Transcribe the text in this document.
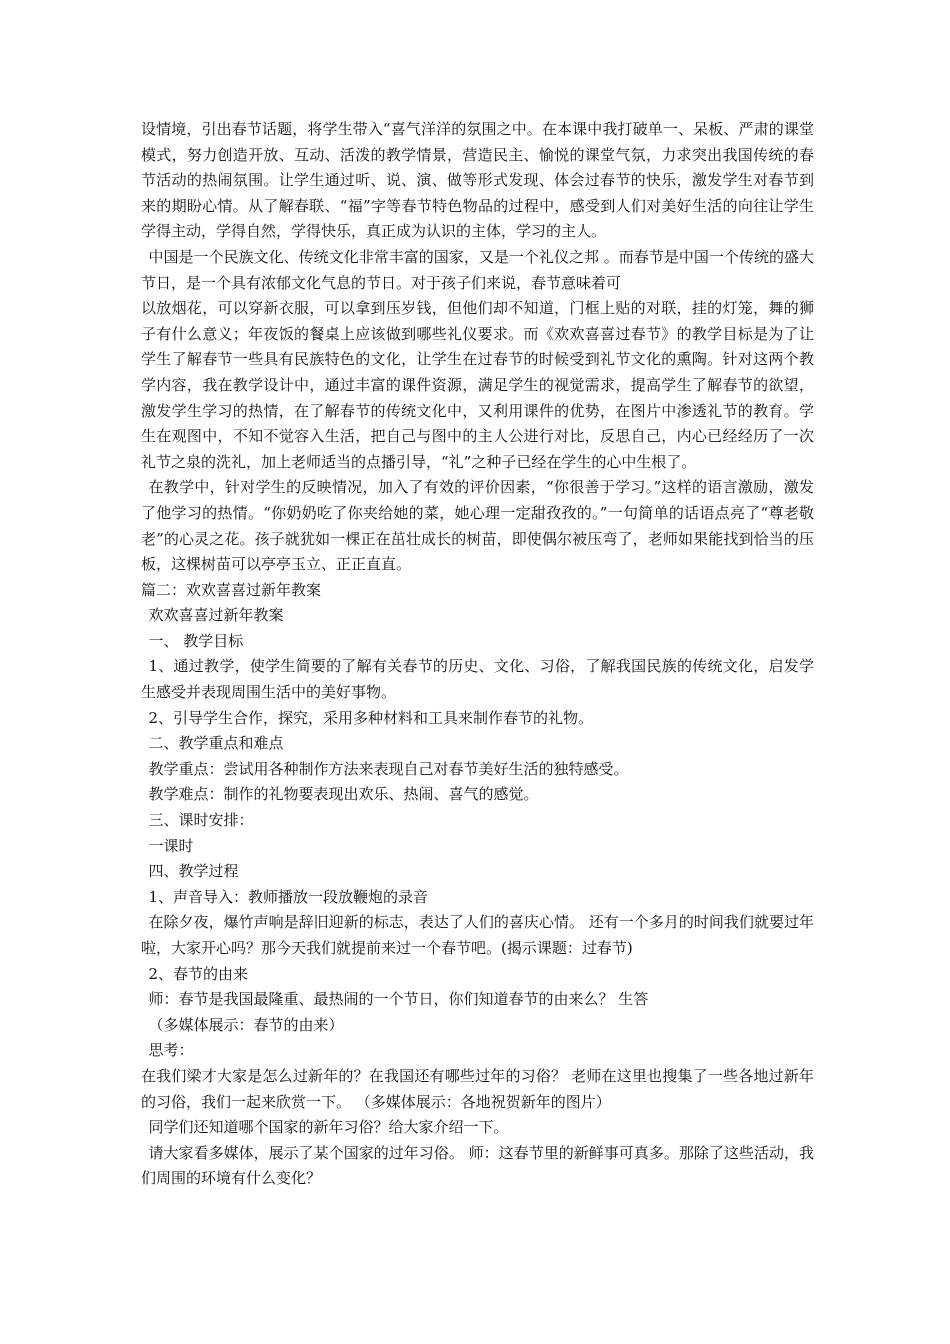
设情境，引出春节话题，将学生带入“喜气洋洋的氛围之中。在本课中我打破单一、呆板、严肃的课堂模式，努力创造开放、互动、活泼的教学情景，营造民主、愉悦的课堂气氛，力求突出我国传统的春节活动的热闹氛围。让学生通过听、说、演、做等形式发现、体会过春节的快乐，激发学生对春节到来的期盼心情。从了解春联、“福”字等春节特色物品的过程中，感受到人们对美好生活的向往让学生学得主动，学得自然，学得快乐，真正成为认识的主体，学习的主人。

中国是一个民族文化、传统文化非常丰富的国家，又是一个礼仪之邦 。而春节是中国一个传统的盛大节日，是一个具有浓郁文化气息的节日。对于孩子们来说，春节意味着可

以放烟花，可以穿新衣服，可以拿到压岁钱，但他们却不知道，门框上贴的对联，挂的灯笼，舞的狮子有什么意义；年夜饭的餐桌上应该做到哪些礼仪要求。而《欢欢喜喜过春节》的教学目标是为了让学生了解春节一些具有民族特色的文化，让学生在过春节的时候受到礼节文化的熏陶。针对这两个教学内容，我在教学设计中，通过丰富的课件资源，满足学生的视觉需求，提高学生了解春节的欲望，激发学生学习的热情，在了解春节的传统文化中，又利用课件的优势，在图片中渗透礼节的教育。学生在观图中，不知不觉容入生活，把自己与图中的主人公进行对比，反思自己，内心已经经历了一次礼节之泉的洗礼，加上老师适当的点播引导，“礼”之种子已经在学生的心中生根了。

在教学中，针对学生的反映情况，加入了有效的评价因素，“你很善于学习。”这样的语言激励，激发了他学习的热情。“你奶奶吃了你夹给她的菜，她心理一定甜孜孜的。”一句简单的话语点亮了“尊老敬老”的心灵之花。孩子就犹如一棵正在茁壮成长的树苗，即使偶尔被压弯了，老师如果能找到恰当的压板，这棵树苗可以亭亭玉立、正正直直。

篇二：欢欢喜喜过新年教案

欢欢喜喜过新年教案

一、 教学目标

1、通过教学，使学生简要的了解有关春节的历史、文化、习俗，了解我国民族的传统文化，启发学生感受并表现周围生活中的美好事物。

2、引导学生合作，探究，采用多种材料和工具来制作春节的礼物。

二、教学重点和难点

教学重点：尝试用各种制作方法来表现自己对春节美好生活的独特感受。

教学难点：制作的礼物要表现出欢乐、热闹、喜气的感觉。

三、课时安排：

一课时

四、教学过程

1、声音导入：教师播放一段放鞭炮的录音

在除夕夜，爆竹声响是辞旧迎新的标志，表达了人们的喜庆心情。 还有一个多月的时间我们就要过年啦，大家开心吗？那今天我们就提前来过一个春节吧。(揭示课题：过春节)

2、春节的由来

师：春节是我国最隆重、最热闹的一个节日，你们知道春节的由来么？ 生答

（多媒体展示：春节的由来）

思考：

在我们梁才大家是怎么过新年的？在我国还有哪些过年的习俗？ 老师在这里也搜集了一些各地过新年的习俗，我们一起来欣赏一下。 （多媒体展示：各地祝贺新年的图片）

同学们还知道哪个国家的新年习俗？给大家介绍一下。

请大家看多媒体，展示了某个国家的过年习俗。 师：这春节里的新鲜事可真多。那除了这些活动，我们周围的环境有什么变化？
